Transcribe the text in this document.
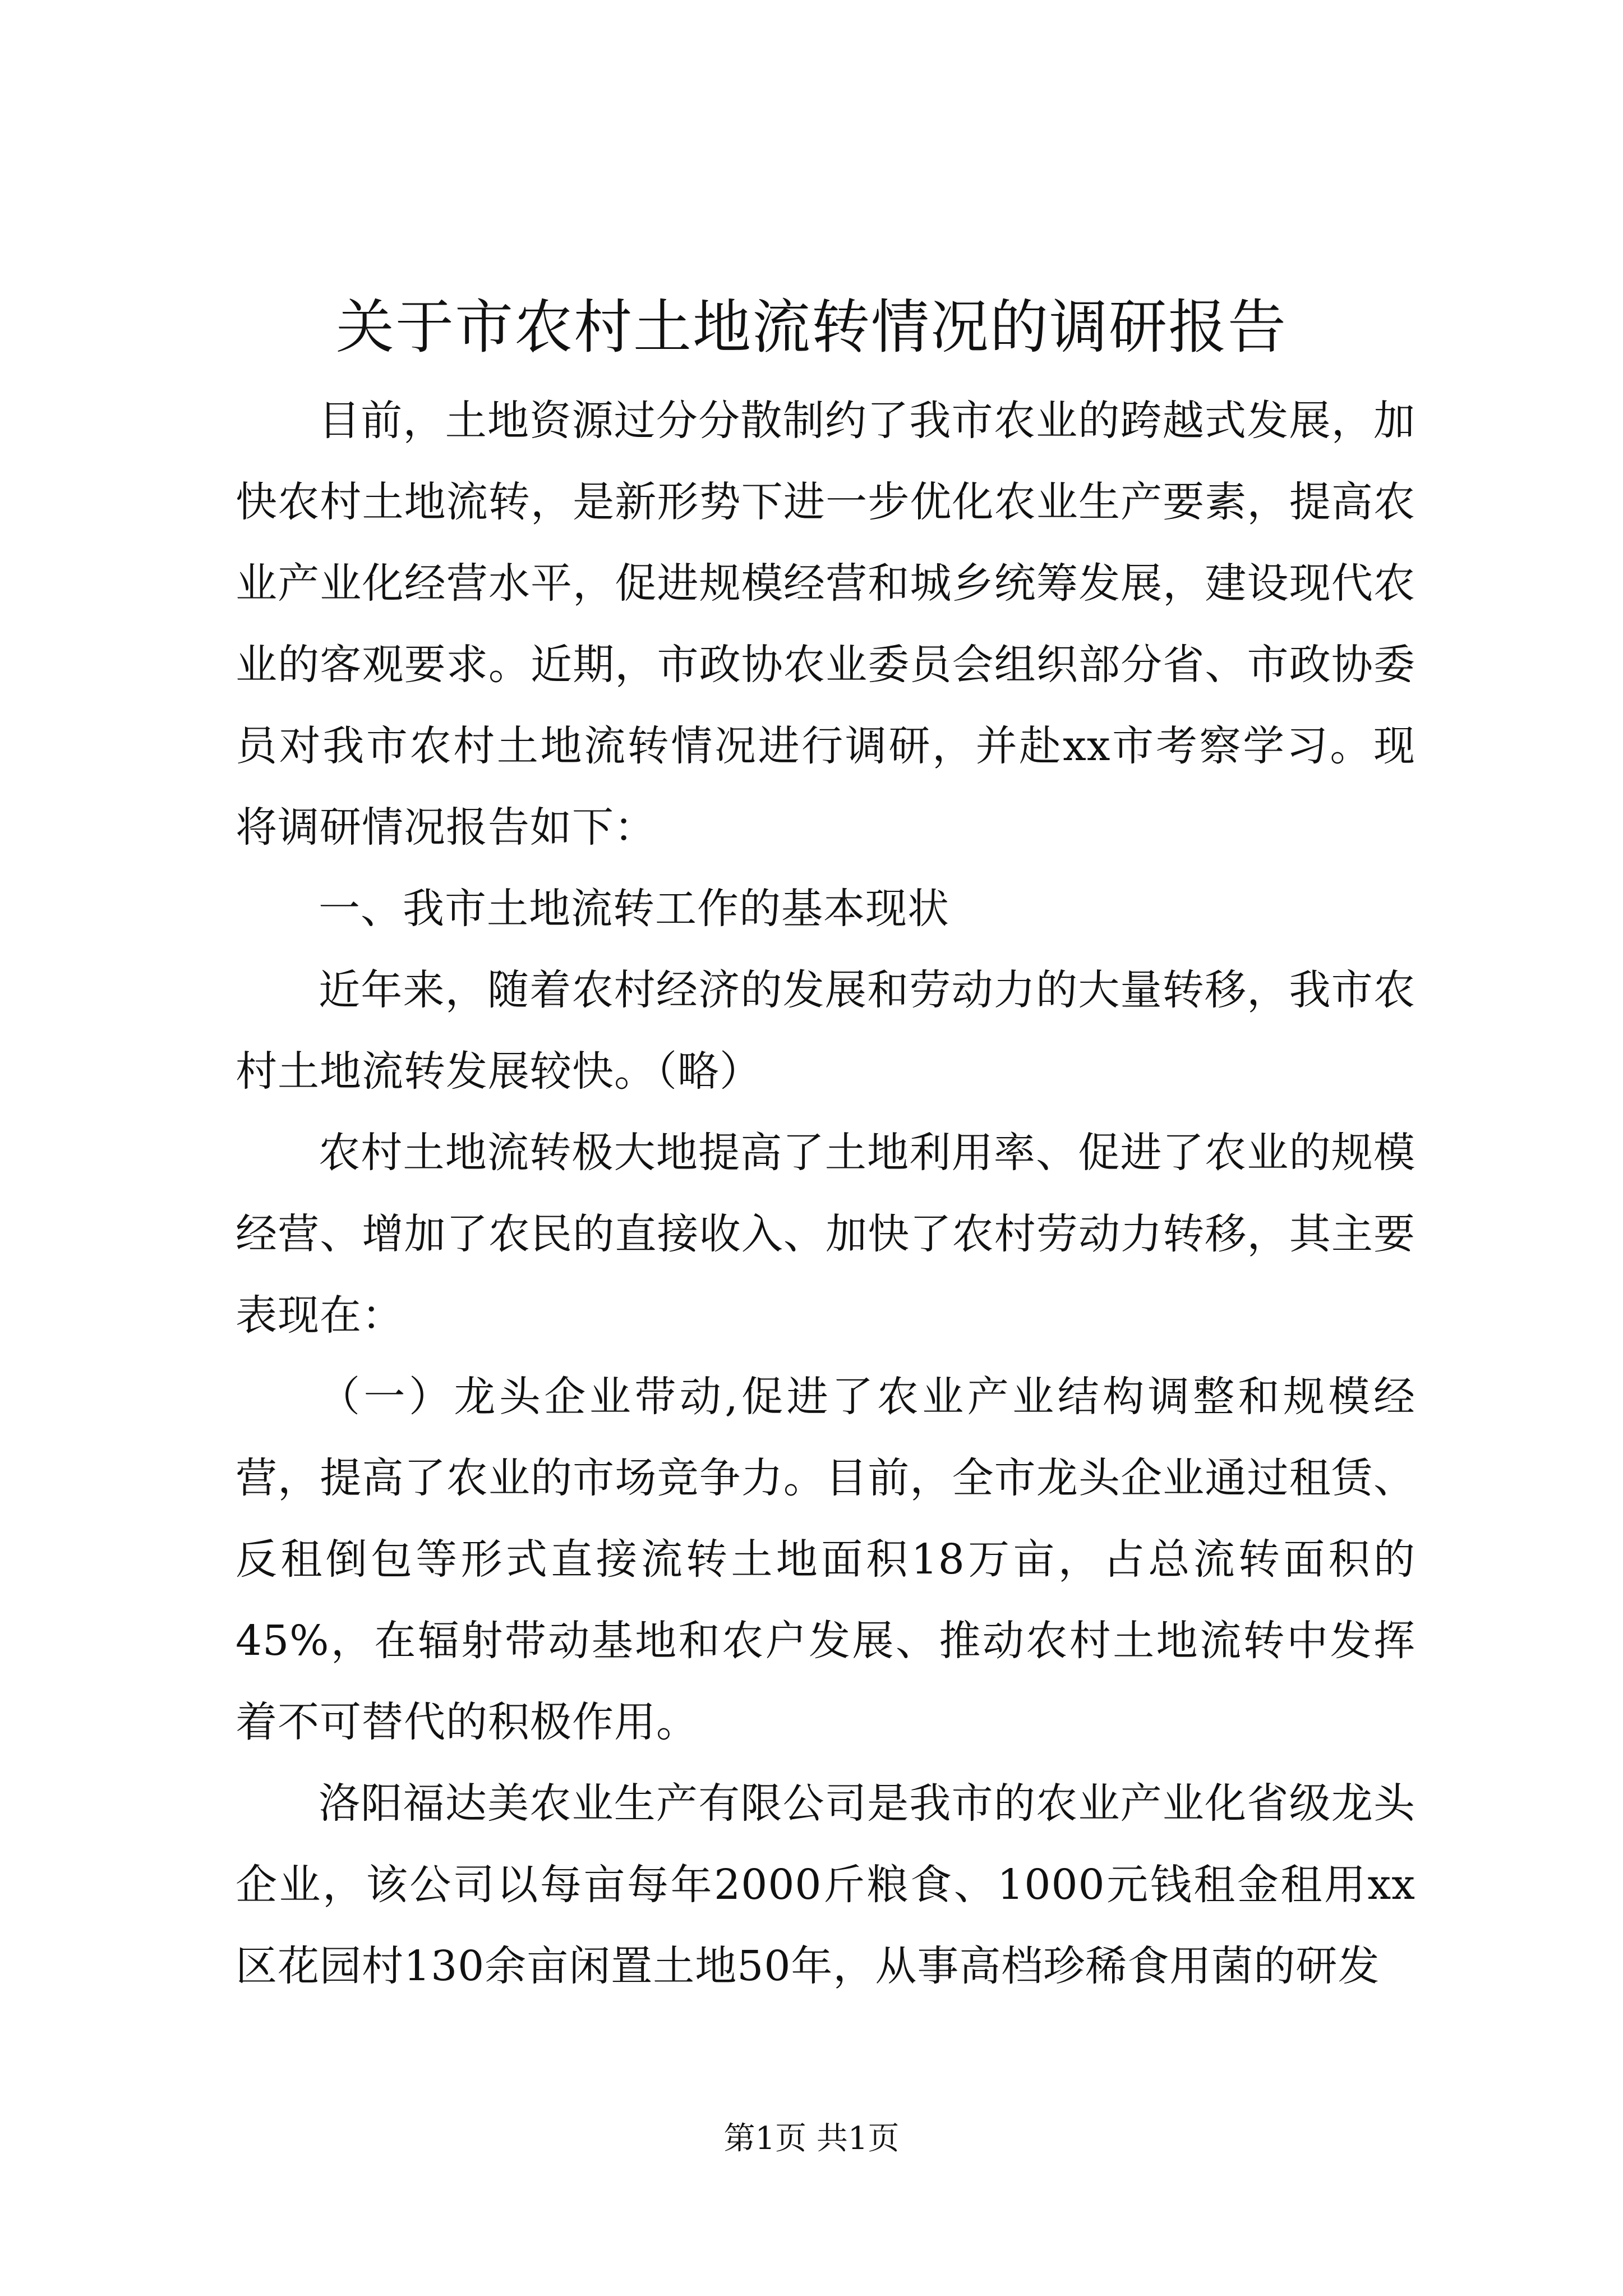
关于市农村土地流转情况的调研报告

目前，土地资源过分分散制约了我市农业的跨越式发展，加快农村土地流转，是新形势下进一步优化农业生产要素，提高农业产业化经营水平，促进规模经营和城乡统筹发展，建设现代农业的客观要求。近期，市政协农业委员会组织部分省、市政协委员对我市农村土地流转情况进行调研，并赴xx市考察学习。现将调研情况报告如下：

一、我市土地流转工作的基本现状

近年来，随着农村经济的发展和劳动力的大量转移，我市农村土地流转发展较快。（略）

农村土地流转极大地提高了土地利用率、促进了农业的规模经营、增加了农民的直接收入、加快了农村劳动力转移，其主要表现在：

（一）龙头企业带动,促进了农业产业结构调整和规模经营，提高了农业的市场竞争力。目前，全市龙头企业通过租赁、反租倒包等形式直接流转土地面积18万亩，占总流转面积的45%，在辐射带动基地和农户发展、推动农村土地流转中发挥着不可替代的积极作用。

洛阳福达美农业生产有限公司是我市的农业产业化省级龙头企业，该公司以每亩每年2000斤粮食、1000元钱租金租用xx区花园村130余亩闲置土地50年，从事高档珍稀食用菌的研发

第1页 共1页
